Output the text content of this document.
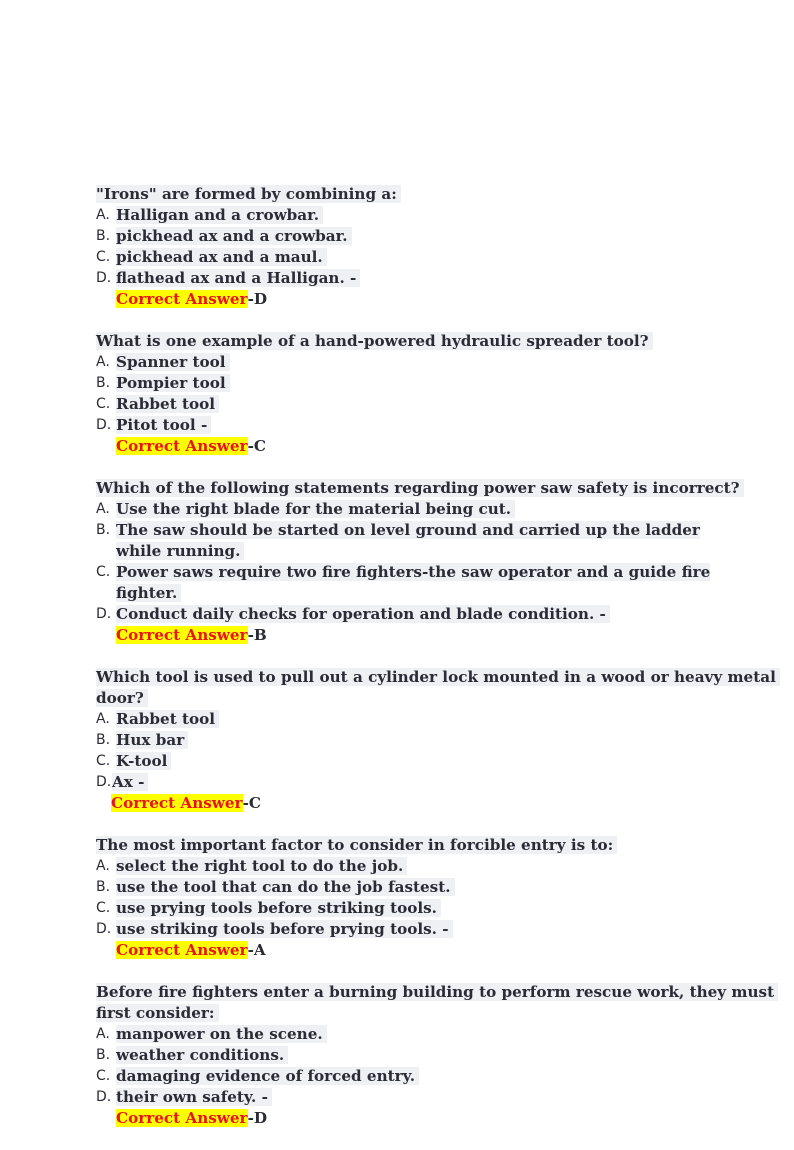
"Irons" are formed by combining a:
A. Halligan and a crowbar.
B. pickhead ax and a crowbar.
C. pickhead ax and a maul.
D. flathead ax and a Halligan. -
Correct Answer-D
What is one example of a hand-powered hydraulic spreader tool?
A. Spanner tool
B. Pompier tool
C. Rabbet tool
D. Pitot tool -
Correct Answer-C
Which of the following statements regarding power saw safety is incorrect?
A. Use the right blade for the material being cut.
B. The saw should be started on level ground and carried up the ladder while running.
C. Power saws require two fire fighters-the saw operator and a guide fire fighter.
D. Conduct daily checks for operation and blade condition. -
Correct Answer-B
Which tool is used to pull out a cylinder lock mounted in a wood or heavy metal
door?
A. Rabbet tool
B. Hux bar
C. K-tool
D. Ax -
Correct Answer-C
The most important factor to consider in forcible entry is to:
A. select the right tool to do the job.
B. use the tool that can do the job fastest.
C. use prying tools before striking tools.
D. use striking tools before prying tools. -
Correct Answer-A
Before fire fighters enter a burning building to perform rescue work, they must
first consider:
A. manpower on the scene.
B. weather conditions.
C. damaging evidence of forced entry.
D. their own safety. -
Correct Answer-D
